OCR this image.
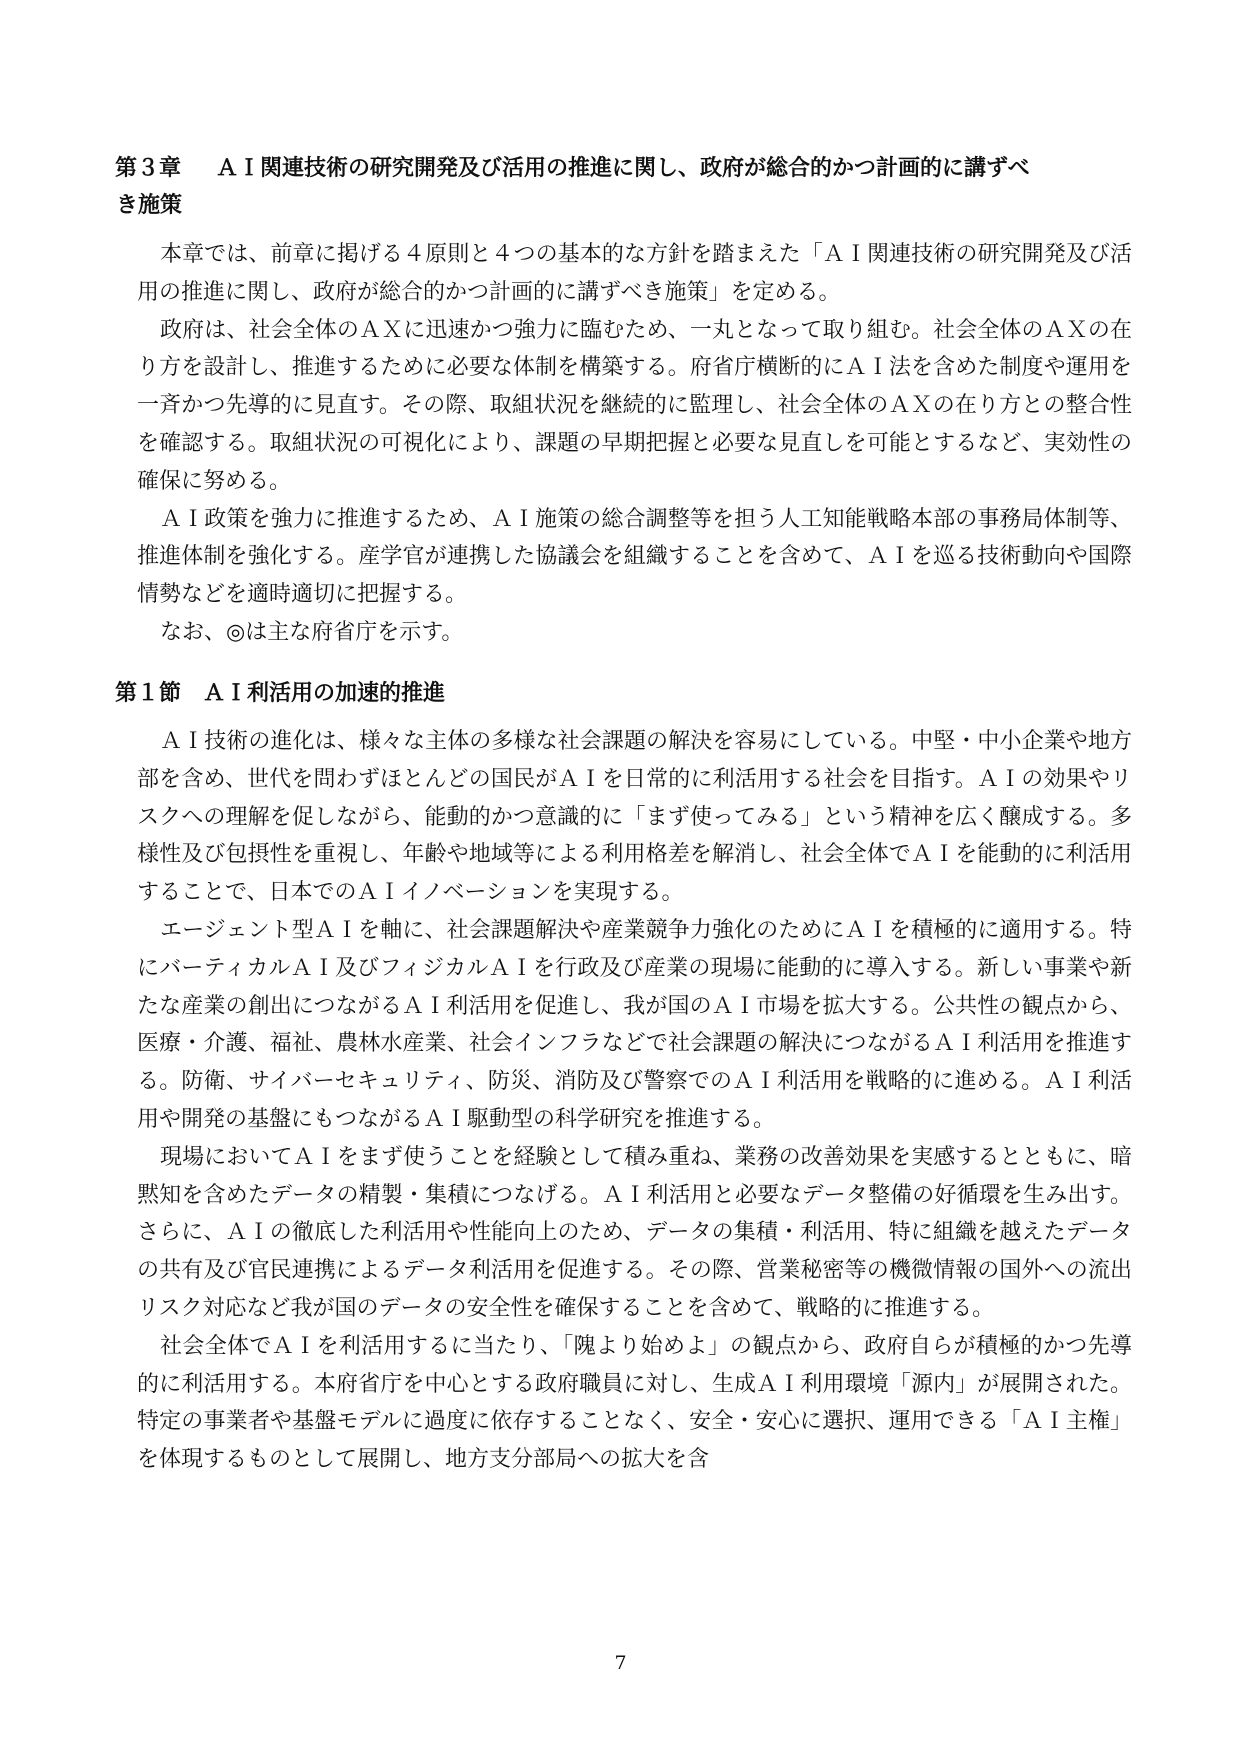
第３章	ＡＩ関連技術の研究開発及び活用の推進に関し、政府が総合的かつ計画的に講ずべき施策

本章では、前章に掲げる４原則と４つの基本的な方針を踏まえた「ＡＩ関連技術の研究開発及び活用の推進に関し、政府が総合的かつ計画的に講ずべき施策」を定める。

政府は、社会全体のＡＸに迅速かつ強力に臨むため、一丸となって取り組む。社会全体のＡＸの在り方を設計し、推進するために必要な体制を構築する。府省庁横断的にＡＩ法を含めた制度や運用を一斉かつ先導的に見直す。その際、取組状況を継続的に監理し、社会全体のＡＸの在り方との整合性を確認する。取組状況の可視化により、課題の早期把握と必要な見直しを可能とするなど、実効性の確保に努める。

ＡＩ政策を強力に推進するため、ＡＩ施策の総合調整等を担う人工知能戦略本部の事務局体制等、推進体制を強化する。産学官が連携した協議会を組織することを含めて、ＡＩを巡る技術動向や国際情勢などを適時適切に把握する。

なお、◎は主な府省庁を示す。

第１節　ＡＩ利活用の加速的推進

ＡＩ技術の進化は、様々な主体の多様な社会課題の解決を容易にしている。中堅・中小企業や地方部を含め、世代を問わずほとんどの国民がＡＩを日常的に利活用する社会を目指す。ＡＩの効果やリスクへの理解を促しながら、能動的かつ意識的に「まず使ってみる」という精神を広く醸成する。多様性及び包摂性を重視し、年齢や地域等による利用格差を解消し、社会全体でＡＩを能動的に利活用することで、日本でのＡＩイノベーションを実現する。

エージェント型ＡＩを軸に、社会課題解決や産業競争力強化のためにＡＩを積極的に適用する。特にバーティカルＡＩ及びフィジカルＡＩを行政及び産業の現場に能動的に導入する。新しい事業や新たな産業の創出につながるＡＩ利活用を促進し、我が国のＡＩ市場を拡大する。公共性の観点から、医療・介護、福祉、農林水産業、社会インフラなどで社会課題の解決につながるＡＩ利活用を推進する。防衛、サイバーセキュリティ、防災、消防及び警察でのＡＩ利活用を戦略的に進める。ＡＩ利活用や開発の基盤にもつながるＡＩ駆動型の科学研究を推進する。

現場においてＡＩをまず使うことを経験として積み重ね、業務の改善効果を実感するとともに、暗黙知を含めたデータの精製・集積につなげる。ＡＩ利活用と必要なデータ整備の好循環を生み出す。さらに、ＡＩの徹底した利活用や性能向上のため、データの集積・利活用、特に組織を越えたデータの共有及び官民連携によるデータ利活用を促進する。その際、営業秘密等の機微情報の国外への流出リスク対応など我が国のデータの安全性を確保することを含めて、戦略的に推進する。

社会全体でＡＩを利活用するに当たり、「隗より始めよ」の観点から、政府自らが積極的かつ先導的に利活用する。本府省庁を中心とする政府職員に対し、生成ＡＩ利用環境「源内」が展開された。特定の事業者や基盤モデルに過度に依存することなく、安全・安心に選択、運用できる「ＡＩ主権」を体現するものとして展開し、地方支分部局への拡大を含

7
